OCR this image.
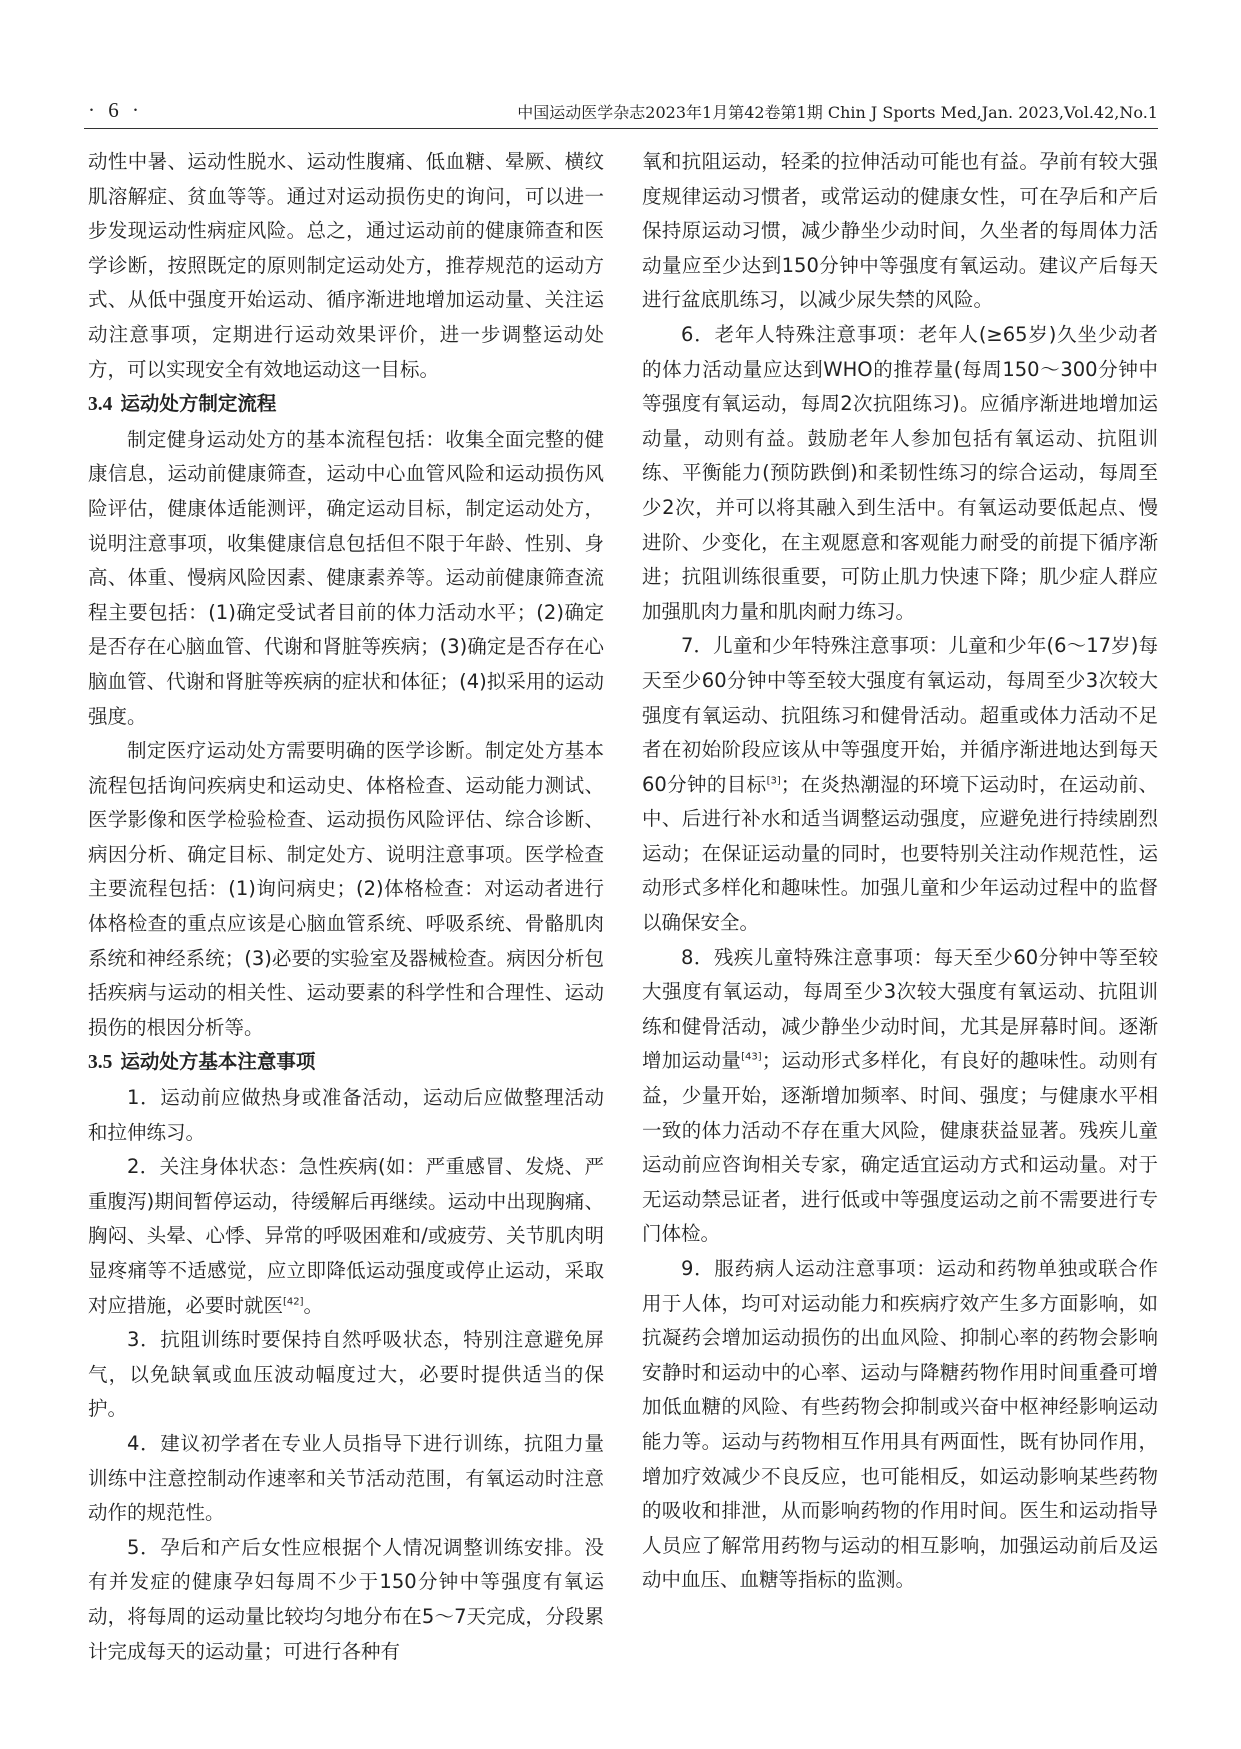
· 6 ·	中国运动医学杂志2023年1月第42卷第1期 Chin J Sports Med,Jan. 2023,Vol.42,No.1

动性中暑、运动性脱水、运动性腹痛、低血糖、晕厥、横纹肌溶解症、贫血等等。通过对运动损伤史的询问，可以进一步发现运动性病症风险。总之，通过运动前的健康筛查和医学诊断，按照既定的原则制定运动处方，推荐规范的运动方式、从低中强度开始运动、循序渐进地增加运动量、关注运动注意事项，定期进行运动效果评价，进一步调整运动处方，可以实现安全有效地运动这一目标。

3.4 运动处方制定流程

制定健身运动处方的基本流程包括：收集全面完整的健康信息，运动前健康筛查，运动中心血管风险和运动损伤风险评估，健康体适能测评，确定运动目标，制定运动处方，说明注意事项，收集健康信息包括但不限于年龄、性别、身高、体重、慢病风险因素、健康素养等。运动前健康筛查流程主要包括：(1)确定受试者目前的体力活动水平；(2)确定是否存在心脑血管、代谢和肾脏等疾病；(3)确定是否存在心脑血管、代谢和肾脏等疾病的症状和体征；(4)拟采用的运动强度。

制定医疗运动处方需要明确的医学诊断。制定处方基本流程包括询问疾病史和运动史、体格检查、运动能力测试、医学影像和医学检验检查、运动损伤风险评估、综合诊断、病因分析、确定目标、制定处方、说明注意事项。医学检查主要流程包括：(1)询问病史；(2)体格检查：对运动者进行体格检查的重点应该是心脑血管系统、呼吸系统、骨骼肌肉系统和神经系统；(3)必要的实验室及器械检查。病因分析包括疾病与运动的相关性、运动要素的科学性和合理性、运动损伤的根因分析等。

3.5 运动处方基本注意事项

1．运动前应做热身或准备活动，运动后应做整理活动和拉伸练习。

2．关注身体状态：急性疾病(如：严重感冒、发烧、严重腹泻)期间暂停运动，待缓解后再继续。运动中出现胸痛、胸闷、头晕、心悸、异常的呼吸困难和/或疲劳、关节肌肉明显疼痛等不适感觉，应立即降低运动强度或停止运动，采取对应措施，必要时就医[42]。

3．抗阻训练时要保持自然呼吸状态，特别注意避免屏气，以免缺氧或血压波动幅度过大，必要时提供适当的保护。

4．建议初学者在专业人员指导下进行训练，抗阻力量训练中注意控制动作速率和关节活动范围，有氧运动时注意动作的规范性。

5．孕后和产后女性应根据个人情况调整训练安排。没有并发症的健康孕妇每周不少于150分钟中等强度有氧运动，将每周的运动量比较均匀地分布在5～7天完成，分段累计完成每天的运动量；可进行各种有

氧和抗阻运动，轻柔的拉伸活动可能也有益。孕前有较大强度规律运动习惯者，或常运动的健康女性，可在孕后和产后保持原运动习惯，减少静坐少动时间，久坐者的每周体力活动量应至少达到150分钟中等强度有氧运动。建议产后每天进行盆底肌练习，以减少尿失禁的风险。

6．老年人特殊注意事项：老年人(≥65岁)久坐少动者的体力活动量应达到WHO的推荐量(每周150～300分钟中等强度有氧运动，每周2次抗阻练习)。应循序渐进地增加运动量，动则有益。鼓励老年人参加包括有氧运动、抗阻训练、平衡能力(预防跌倒)和柔韧性练习的综合运动，每周至少2次，并可以将其融入到生活中。有氧运动要低起点、慢进阶、少变化，在主观愿意和客观能力耐受的前提下循序渐进；抗阻训练很重要，可防止肌力快速下降；肌少症人群应加强肌肉力量和肌肉耐力练习。

7．儿童和少年特殊注意事项：儿童和少年(6～17岁)每天至少60分钟中等至较大强度有氧运动，每周至少3次较大强度有氧运动、抗阻练习和健骨活动。超重或体力活动不足者在初始阶段应该从中等强度开始，并循序渐进地达到每天60分钟的目标[3]；在炎热潮湿的环境下运动时，在运动前、中、后进行补水和适当调整运动强度，应避免进行持续剧烈运动；在保证运动量的同时，也要特别关注动作规范性，运动形式多样化和趣味性。加强儿童和少年运动过程中的监督以确保安全。

8．残疾儿童特殊注意事项：每天至少60分钟中等至较大强度有氧运动，每周至少3次较大强度有氧运动、抗阻训练和健骨活动，减少静坐少动时间，尤其是屏幕时间。逐渐增加运动量[43]；运动形式多样化，有良好的趣味性。动则有益，少量开始，逐渐增加频率、时间、强度；与健康水平相一致的体力活动不存在重大风险，健康获益显著。残疾儿童运动前应咨询相关专家，确定适宜运动方式和运动量。对于无运动禁忌证者，进行低或中等强度运动之前不需要进行专门体检。

9．服药病人运动注意事项：运动和药物单独或联合作用于人体，均可对运动能力和疾病疗效产生多方面影响，如抗凝药会增加运动损伤的出血风险、抑制心率的药物会影响安静时和运动中的心率、运动与降糖药物作用时间重叠可增加低血糖的风险、有些药物会抑制或兴奋中枢神经影响运动能力等。运动与药物相互作用具有两面性，既有协同作用，增加疗效减少不良反应，也可能相反，如运动影响某些药物的吸收和排泄，从而影响药物的作用时间。医生和运动指导人员应了解常用药物与运动的相互影响，加强运动前后及运动中血压、血糖等指标的监测。
